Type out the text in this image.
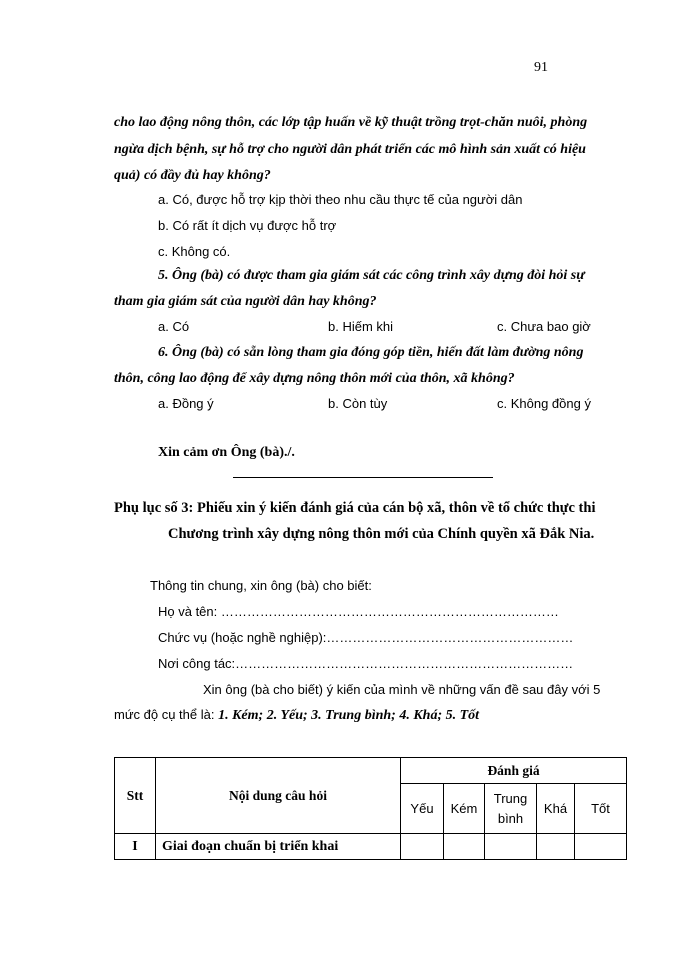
91
cho lao động nông thôn, các lớp tập huấn về kỹ thuật trồng trọt-chăn nuôi, phòng
ngừa dịch bệnh, sự hỗ trợ cho người dân phát triển các mô hình sản xuất có hiệu
quả) có đầy đủ hay không?
a. Có, được hỗ trợ kịp thời theo nhu cầu thực tế của người dân
b. Có rất ít dịch vụ được hỗ trợ
c. Không có.
5. Ông (bà) có được tham gia giám sát các công trình xây dựng đòi hỏi sự
tham gia giám sát của người dân hay không?
a. Có	b. Hiếm khi	c. Chưa bao giờ
6. Ông (bà) có sẵn lòng tham gia đóng góp tiền, hiến đất làm đường nông
thôn, công lao động để xây dựng nông thôn mới của thôn, xã không?
a. Đồng ý	b. Còn tùy	c. Không đồng ý
Xin cảm ơn Ông (bà)./.
Phụ lục số 3: Phiếu xin ý kiến đánh giá của cán bộ xã, thôn về tổ chức thực thi
Chương trình xây dựng nông thôn mới của Chính quyền xã Đắk Nia.
Thông tin chung, xin ông (bà) cho biết:
Họ và tên: ……………………………………………………………………
Chức vụ (hoặc nghề nghiệp):…………………………………………………
Nơi công tác:……………………………………………………………………
Xin ông (bà cho biết) ý kiến của mình về những vấn đề sau đây với 5
mức độ cụ thể là: 1. Kém; 2. Yếu; 3. Trung bình; 4. Khá; 5. Tốt
Stt	Nội dung câu hỏi	Đánh giá				
		Yếu	Kém	Trung bình	Khá	Tốt
I	Giai đoạn chuẩn bị triển khai					
